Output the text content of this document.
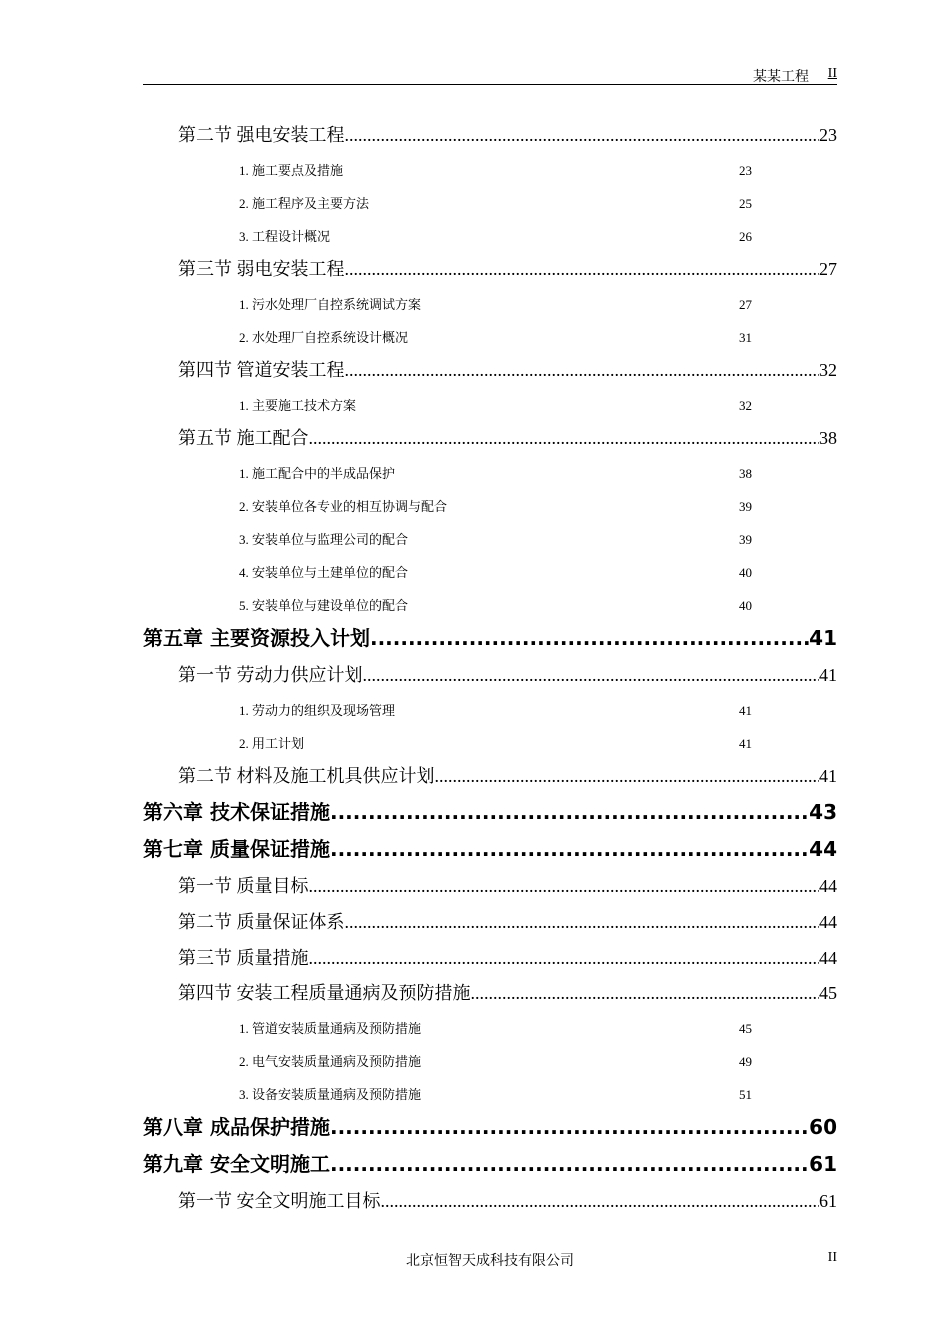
某某工程 II
第二节 强电安装工程 .....	23
1. 施工要点及措施	23
2. 施工程序及主要方法	25
3. 工程设计概况	26
第三节 弱电安装工程 .....	27
1. 污水处理厂自控系统调试方案	27
2. 水处理厂自控系统设计概况	31
第四节 管道安装工程 .....	32
1. 主要施工技术方案	32
第五节 施工配合 .....	38
1. 施工配合中的半成品保护	38
2. 安装单位各专业的相互协调与配合	39
3. 安装单位与监理公司的配合	39
4. 安装单位与土建单位的配合	40
5. 安装单位与建设单位的配合	40
第五章 主要资源投入计划 .....	41
第一节 劳动力供应计划 .....	41
1. 劳动力的组织及现场管理	41
2. 用工计划	41
第二节 材料及施工机具供应计划 .....	41
第六章 技术保证措施 .....	43
第七章 质量保证措施 .....	44
第一节 质量目标 .....	44
第二节 质量保证体系 .....	44
第三节 质量措施 .....	44
第四节 安装工程质量通病及预防措施 .....	45
1. 管道安装质量通病及预防措施	45
2. 电气安装质量通病及预防措施	49
3. 设备安装质量通病及预防措施	51
第八章 成品保护措施 .....	60
第九章 安全文明施工 .....	61
第一节 安全文明施工目标 .....	61
北京恒智天成科技有限公司	II
